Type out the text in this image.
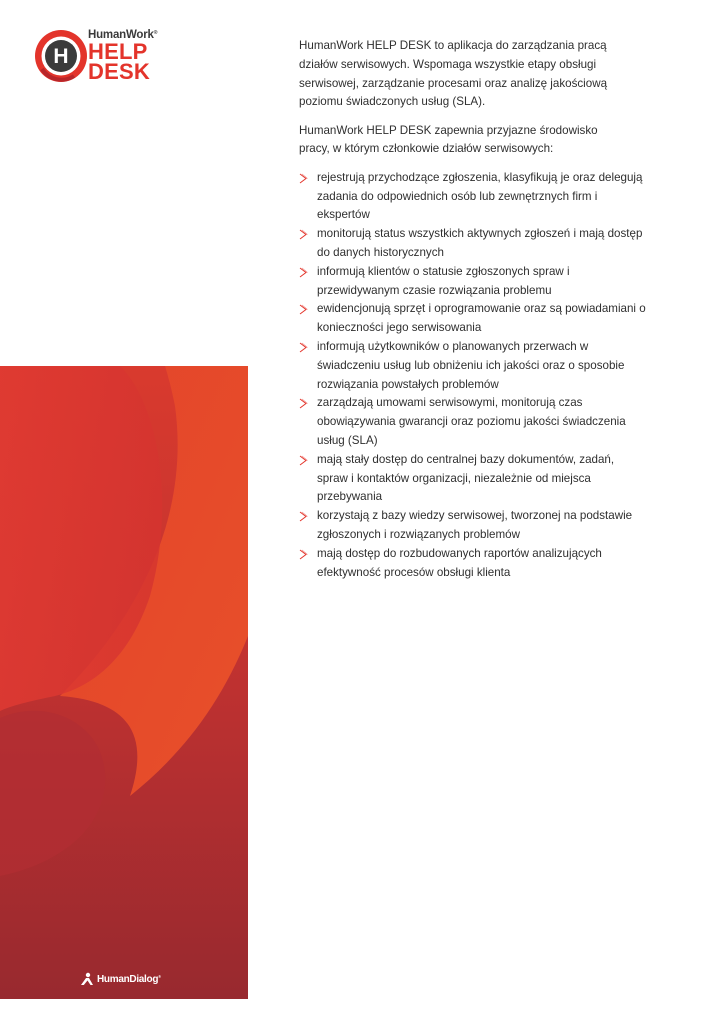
H
HumanWork®
HELP
DESK
HumanDialog®

HumanWork HELP DESK to aplikacja do zarządzania pracą działów serwisowych. Wspomaga wszystkie etapy obsługi serwisowej, zarządzanie procesami oraz analizę jakościową poziomu świadczonych usług (SLA).

HumanWork HELP DESK zapewnia przyjazne środowisko pracy, w którym członkowie działów serwisowych:

rejestrują przychodzące zgłoszenia, klasyfikują je oraz delegują zadania do odpowiednich osób lub zewnętrznych firm i ekspertów
monitorują status wszystkich aktywnych zgłoszeń i mają dostęp do danych historycznych
informują klientów o statusie zgłoszonych spraw i przewidywanym czasie rozwiązania problemu
ewidencjonują sprzęt i oprogramowanie oraz są powiadamiani o konieczności jego serwisowania
informują użytkowników o planowanych przerwach w świadczeniu usług lub obniżeniu ich jakości oraz o sposobie rozwiązania powstałych problemów
zarządzają umowami serwisowymi, monitorują czas obowiązywania gwarancji oraz poziomu jakości świadczenia usług (SLA)
mają stały dostęp do centralnej bazy dokumentów, zadań, spraw i kontaktów organizacji, niezależnie od miejsca przebywania
korzystają z bazy wiedzy serwisowej, tworzonej na podstawie zgłoszonych i rozwiązanych problemów
mają dostęp do rozbudowanych raportów analizujących efektywność procesów obsługi klienta
